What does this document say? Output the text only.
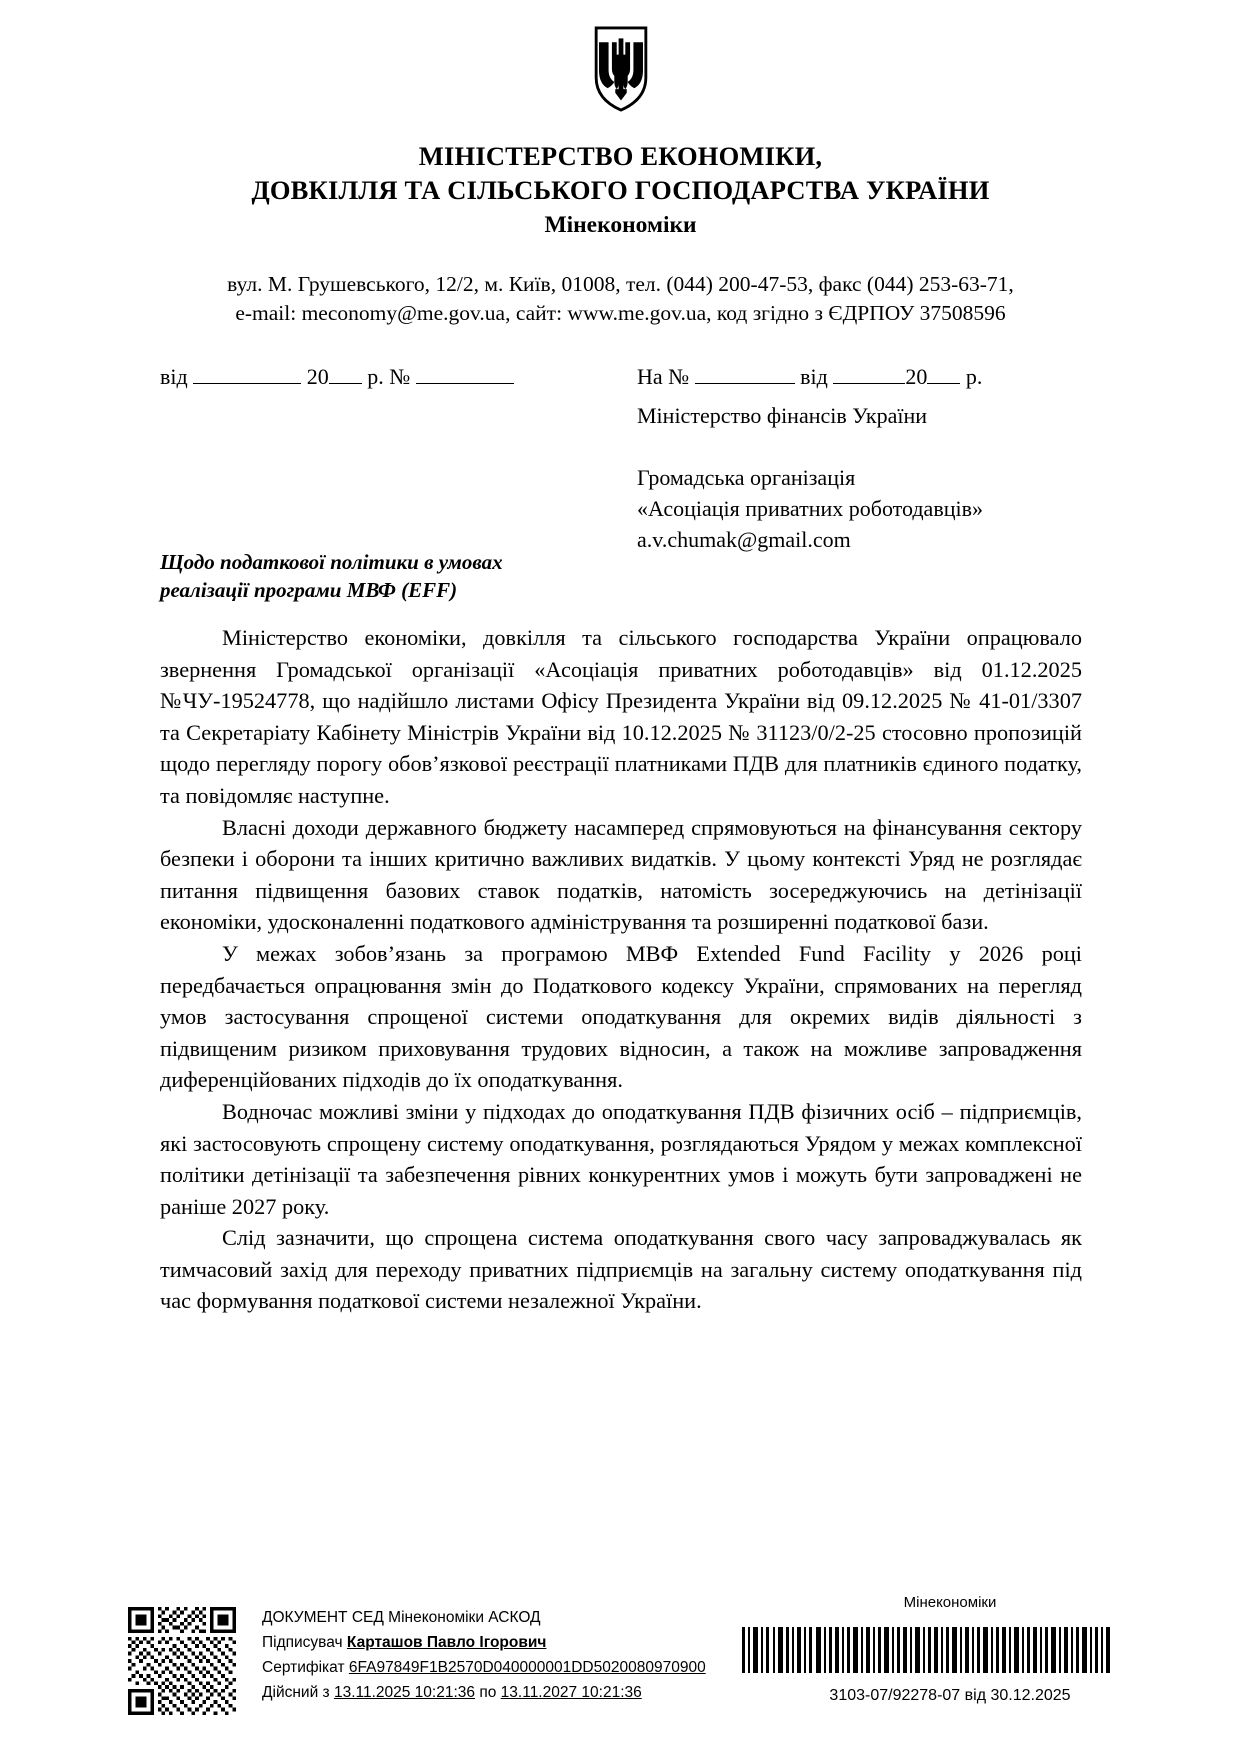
МІНІСТЕРСТВО ЕКОНОМІКИ,
ДОВКІЛЛЯ ТА СІЛЬСЬКОГО ГОСПОДАРСТВА УКРАЇНИ
Мінекономіки
вул. М. Грушевського, 12/2, м. Київ, 01008, тел. (044) 200-47-53, факс (044) 253-63-71,
e-mail: meconomy@me.gov.ua, сайт: www.me.gov.ua, код згідно з ЄДРПОУ 37508596
від	20 р. №	На №	від	20 р.
Міністерство фінансів України
Громадська організація
«Асоціація приватних роботодавців»
a.v.chumak@gmail.com
Щодо податкової політики в умовах
реалізації програми МВФ (EFF)

Міністерство економіки, довкілля та сільського господарства України опрацювало звернення Громадської організації «Асоціація приватних роботодавців» від 01.12.2025 №ЧУ-19524778, що надійшло листами Офісу Президента України від 09.12.2025 № 41-01/3307 та Секретаріату Кабінету Міністрів України від 10.12.2025 № 31123/0/2-25 стосовно пропозицій щодо перегляду порогу обов’язкової реєстрації платниками ПДВ для платників єдиного податку, та повідомляє наступне.

Власні доходи державного бюджету насамперед спрямовуються на фінансування сектору безпеки і оборони та інших критично важливих видатків. У цьому контексті Уряд не розглядає питання підвищення базових ставок податків, натомість зосереджуючись на детінізації економіки, удосконаленні податкового адміністрування та розширенні податкової бази.

У межах зобов’язань за програмою МВФ Extended Fund Facility у 2026 році передбачається опрацювання змін до Податкового кодексу України, спрямованих на перегляд умов застосування спрощеної системи оподаткування для окремих видів діяльності з підвищеним ризиком приховування трудових відносин, а також на можливе запровадження диференційованих підходів до їх оподаткування.

Водночас можливі зміни у підходах до оподаткування ПДВ фізичних осіб – підприємців, які застосовують спрощену систему оподаткування, розглядаються Урядом у межах комплексної політики детінізації та забезпечення рівних конкурентних умов і можуть бути запроваджені не раніше 2027 року.

Слід зазначити, що спрощена система оподаткування свого часу запроваджувалась як тимчасовий захід для переходу приватних підприємців на загальну систему оподаткування під час формування податкової системи незалежної України.

ДОКУМЕНТ СЕД Мінекономіки АСКОД
Підписувач Карташов Павло Ігорович
Сертифікат 6FA97849F1B2570D040000001DD5020080970900
Дійсний з 13.11.2025 10:21:36 по 13.11.2027 10:21:36
Мінекономіки
3103-07/92278-07 від 30.12.2025
